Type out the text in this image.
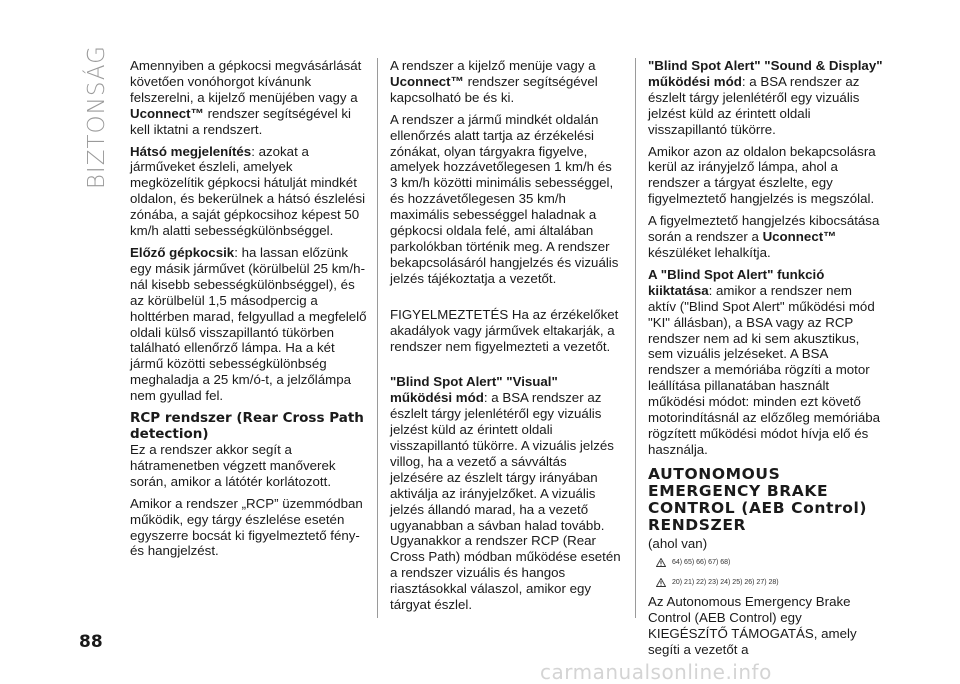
BIZTONSÁG Amennyiben a gépkocsi megvásárlását követően vonóhorgot kívánunk felszerelni, a kijelző menüjében vagy a Uconnect™ rendszer segítségével ki kell iktatni a rendszert.

Hátsó megjelenítés: azokat a járműveket észleli, amelyek megközelítik gépkocsi hátulját mindkét oldalon, és bekerülnek a hátsó észlelési zónába, a saját gépkocsihoz képest 50 km/h alatti sebességkülönbséggel.

Előző gépkocsik: ha lassan előzünk egy másik járművet (körülbelül 25 km/h-nál kisebb sebességkülönbséggel), és az körülbelül 1,5 másodpercig a holttérben marad, felgyullad a megfelelő oldali külső visszapillantó tükörben található ellenőrző lámpa. Ha a két jármű közötti sebességkülönbség meghaladja a 25 km/ó-t, a jelzőlámpa nem gyullad fel.

RCP rendszer (Rear Cross Path detection)

Ez a rendszer akkor segít a hátramenetben végzett manőverek során, amikor a látótér korlátozott.

Amikor a rendszer „RCP” üzemmódban működik, egy tárgy észlelése esetén egyszerre bocsát ki figyelmeztető fény- és hangjelzést.

A rendszer a kijelző menüje vagy a Uconnect™ rendszer segítségével kapcsolható be és ki.

A rendszer a jármű mindkét oldalán ellenőrzés alatt tartja az érzékelési zónákat, olyan tárgyakra figyelve, amelyek hozzávetőlegesen 1 km/h és 3 km/h közötti minimális sebességgel, és hozzávetőlegesen 35 km/h maximális sebességgel haladnak a gépkocsi oldala felé, ami általában parkolókban történik meg. A rendszer bekapcsolásáról hangjelzés és vizuális jelzés tájékoztatja a vezetőt.

FIGYELMEZTETÉS Ha az érzékelőket akadályok vagy járművek eltakarják, a rendszer nem figyelmezteti a vezetőt.

"Blind Spot Alert" "Visual" működési mód: a BSA rendszer az észlelt tárgy jelenlétéről egy vizuális jelzést küld az érintett oldali visszapillantó tükörre. A vizuális jelzés villog, ha a vezető a sávváltás jelzésére az észlelt tárgy irányában aktiválja az irányjelzőket. A vizuális jelzés állandó marad, ha a vezető ugyanabban a sávban halad tovább. Ugyanakkor a rendszer RCP (Rear Cross Path) módban működése esetén a rendszer vizuális és hangos riasztásokkal válaszol, amikor egy tárgyat észlel.

"Blind Spot Alert" "Sound & Display" működési mód: a BSA rendszer az észlelt tárgy jelenlétéről egy vizuális jelzést küld az érintett oldali visszapillantó tükörre.

Amikor azon az oldalon bekapcsolásra kerül az irányjelző lámpa, ahol a rendszer a tárgyat észlelte, egy figyelmeztető hangjelzés is megszólal.

A figyelmeztető hangjelzés kibocsátása során a rendszer a Uconnect™ készüléket lehalkítja.

A "Blind Spot Alert" funkció kiiktatása: amikor a rendszer nem aktív ("Blind Spot Alert" működési mód "KI" állásban), a BSA vagy az RCP rendszer nem ad ki sem akusztikus, sem vizuális jelzéseket. A BSA rendszer a memóriába rögzíti a motor leállítása pillanatában használt működési módot: minden ezt követő motorindításnál az előzőleg memóriába rögzített működési módot hívja elő és használja.

AUTONOMOUS EMERGENCY BRAKE CONTROL (AEB Control) RENDSZER

(ahol van)

64) 65) 66) 67) 68)
20) 21) 22) 23) 24) 25) 26) 27) 28)

Az Autonomous Emergency Brake Control (AEB Control) egy KIEGÉSZÍTŐ TÁMOGATÁS, amely segíti a vezetőt a

88
carmanualsonline.info
